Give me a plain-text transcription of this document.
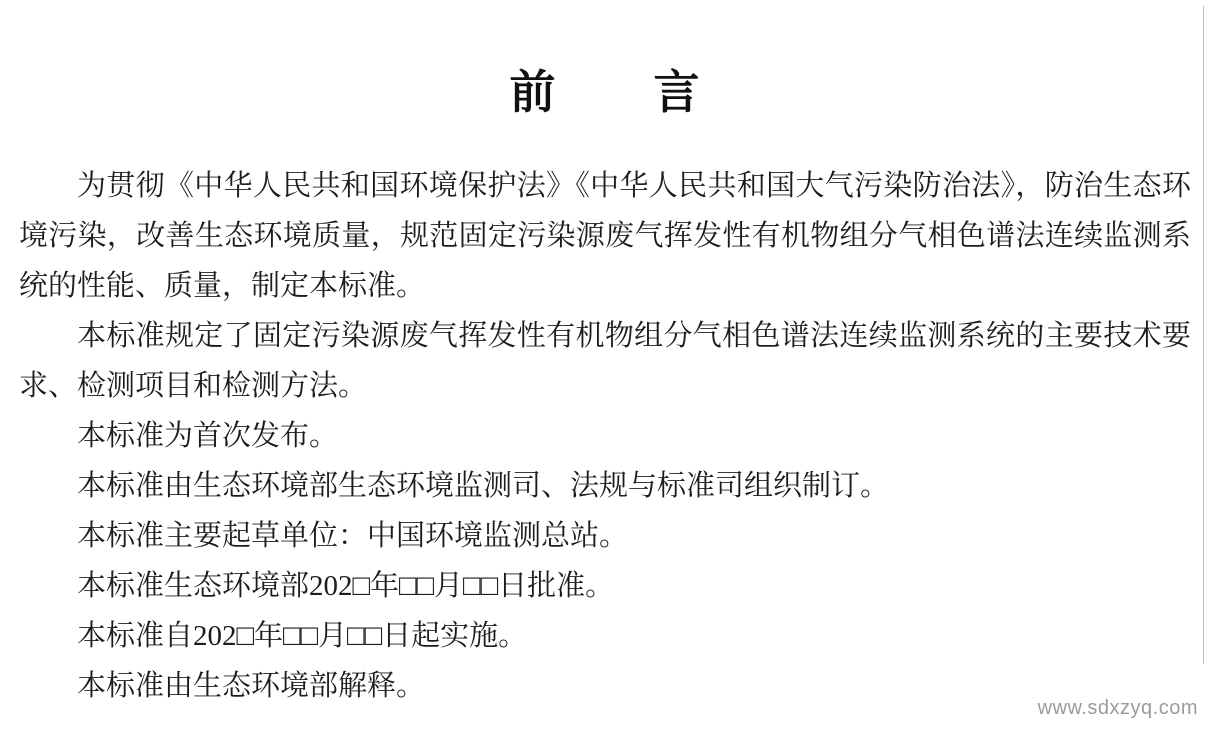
前　　言

为贯彻《中华人民共和国环境保护法》《中华人民共和国大气污染防治法》，防治生态环境污染，改善生态环境质量，规范固定污染源废气挥发性有机物组分气相色谱法连续监测系统的性能、质量，制定本标准。

本标准规定了固定污染源废气挥发性有机物组分气相色谱法连续监测系统的主要技术要求、检测项目和检测方法。

本标准为首次发布。

本标准由生态环境部生态环境监测司、法规与标准司组织制订。

本标准主要起草单位：中国环境监测总站。

本标准生态环境部202□年□□月□□日批准。

本标准自202□年□□月□□日起实施。

本标准由生态环境部解释。

www.sdxzyq.com
